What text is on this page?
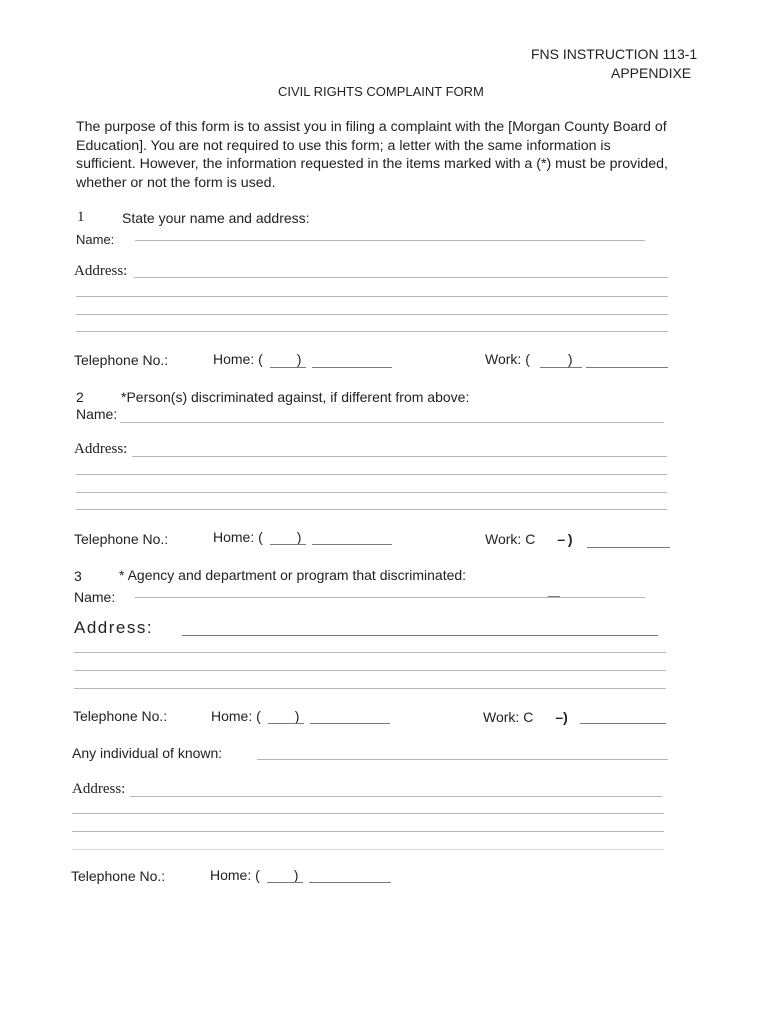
FNS INSTRUCTION 113-1
APPENDIXE
CIVIL RIGHTS COMPLAINT FORM
The purpose of this form is to assist you in filing a complaint with the [Morgan County Board of
Education]. You are not required to use this form; a letter with the same information is
sufficient. However, the information requested in the items marked with a (*) must be provided,
whether or not the form is used.
1	State your name and address:
Name:
Address:
Telephone No.:	Home: ( )	Work: (	)
2	*Person(s) discriminated against, if different from above:
Name:
Address:
Telephone No.:	Home: ( )	Work: C – )
3	* Agency and department or program that discriminated:
Name:
Address:
Telephone No.:	Home: ( )	Work: C –)
Any individual of known:
Address:
Telephone No.:	Home: ( )
